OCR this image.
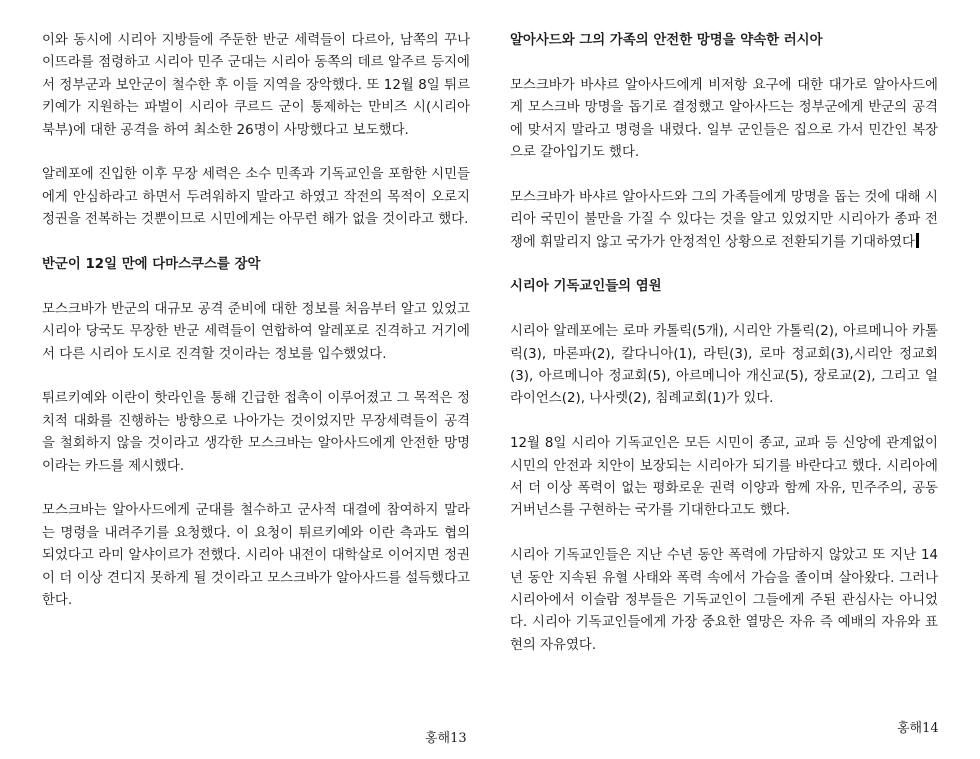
이와 동시에 시리아 지방들에 주둔한 반군 세력들이 다르아, 남쪽의 꾸나이뜨라를 점령하고 시리아 민주 군대는 시리아 동쪽의 데르 알주르 등지에서 정부군과 보안군이 철수한 후 이들 지역을 장악했다. 또 12월 8일 튀르키예가 지원하는 파벌이 시리아 쿠르드 군이 통제하는 만비즈 시(시리아 북부)에 대한 공격을 하여 최소한 26명이 사망했다고 보도했다.

알레포에 진입한 이후 무장 세력은 소수 민족과 기독교인을 포함한 시민들에게 안심하라고 하면서 두려워하지 말라고 하였고 작전의 목적이 오로지 정권을 전복하는 것뿐이므로 시민에게는 아무런 해가 없을 것이라고 했다.

반군이 12일 만에 다마스쿠스를 장악

모스크바가 반군의 대규모 공격 준비에 대한 정보를 처음부터 알고 있었고 시리아 당국도 무장한 반군 세력들이 연합하여 알레포로 진격하고 거기에서 다른 시리아 도시로 진격할 것이라는 정보를 입수했었다.

튀르키예와 이란이 핫라인을 통해 긴급한 접촉이 이루어졌고 그 목적은 정치적 대화를 진행하는 방향으로 나아가는 것이었지만 무장세력들이 공격을 철회하지 않을 것이라고 생각한 모스크바는 알아사드에게 안전한 망명이라는 카드를 제시했다.

모스크바는 알아사드에게 군대를 철수하고 군사적 대결에 참여하지 말라는 명령을 내려주기를 요청했다. 이 요청이 튀르키예와 이란 측과도 협의되었다고 라미 알샤이르가 전했다. 시리아 내전이 대학살로 이어지면 정권이 더 이상 견디지 못하게 될 것이라고 모스크바가 알아사드를 설득했다고 한다.

알아사드와 그의 가족의 안전한 망명을 약속한 러시아

모스크바가 바샤르 알아사드에게 비저항 요구에 대한 대가로 알아사드에게 모스크바 망명을 돕기로 결정했고 알아사드는 정부군에게 반군의 공격에 맞서지 말라고 명령을 내렸다. 일부 군인들은 집으로 가서 민간인 복장으로 갈아입기도 했다.

모스크바가 바샤르 알아사드와 그의 가족들에게 망명을 돕는 것에 대해 시리아 국민이 불만을 가질 수 있다는 것을 알고 있었지만 시리아가 종파 전쟁에 휘말리지 않고 국가가 안정적인 상황으로 전환되기를 기대하였다

시리아 기독교인들의 염원

시리아 알레포에는 로마 카톨릭(5개), 시리안 가톨릭(2), 아르메니아 카톨릭(3), 마론파(2), 칼다니아(1), 라틴(3), 로마 정교회(3),시리안 정교회(3), 아르메니아 정교회(5), 아르메니아 개신교(5), 장로교(2), 그리고 얼라이언스(2), 나사렛(2), 침례교회(1)가 있다.

12월 8일 시리아 기독교인은 모든 시민이 종교, 교파 등 신앙에 관계없이 시민의 안전과 치안이 보장되는 시리아가 되기를 바란다고 했다. 시리아에서 더 이상 폭력이 없는 평화로운 권력 이양과 함께 자유, 민주주의, 공동 거버넌스를 구현하는 국가를 기대한다고도 했다.

시리아 기독교인들은 지난 수년 동안 폭력에 가담하지 않았고 또 지난 14년 동안 지속된 유혈 사태와 폭력 속에서 가슴을 졸이며 살아왔다. 그러나 시리아에서 이슬람 정부들은 기독교인이 그들에게 주된 관심사는 아니었다. 시리아 기독교인들에게 가장 중요한 열망은 자유 즉 예배의 자유와 표현의 자유였다.

홍해13
홍해14
